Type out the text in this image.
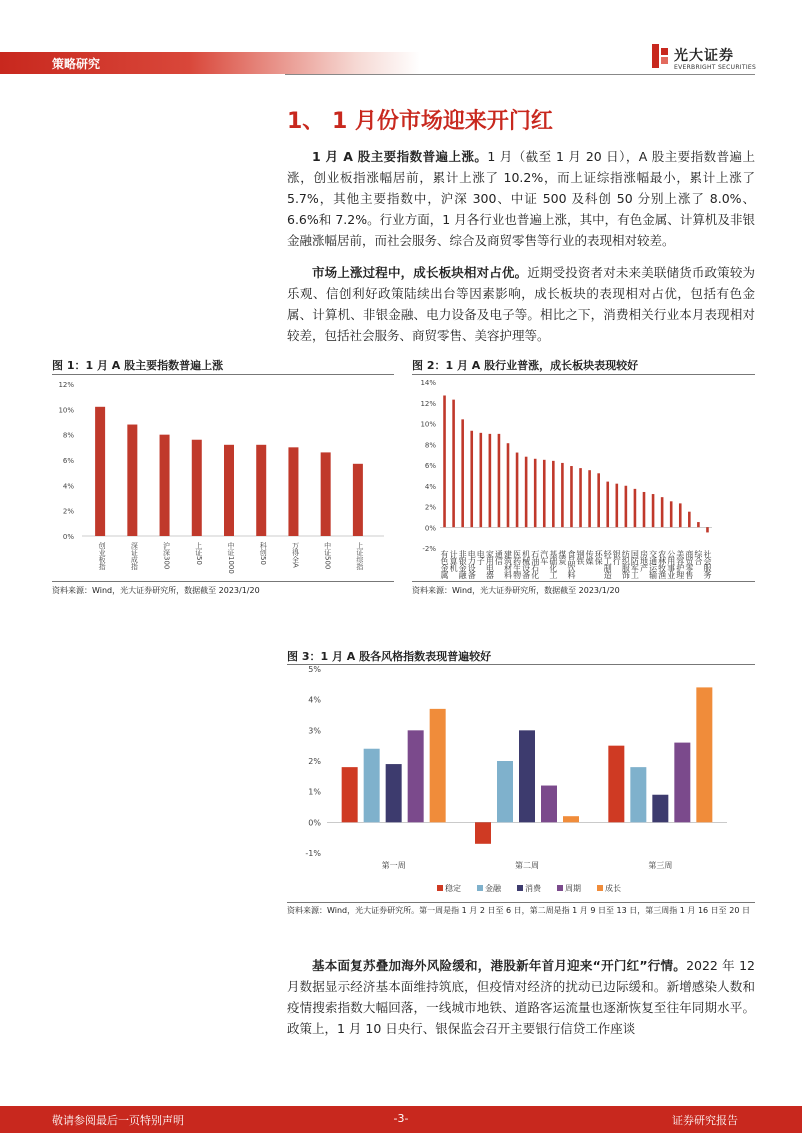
策略研究	光大证券
EVERBRIGHT SECURITIES
1、 1 月份市场迎来开门红
1 月 A 股主要指数普遍上涨。1 月（截至 1 月 20 日），A 股主要指数普遍上涨，创业板指涨幅居前，累计上涨了 10.2%，而上证综指涨幅最小，累计上涨了 5.7%，其他主要指数中，沪深 300、中证 500 及科创 50 分别上涨了 8.0%、6.6%和 7.2%。行业方面，1 月各行业也普遍上涨，其中，有色金属、计算机及非银金融涨幅居前，而社会服务、综合及商贸零售等行业的表现相对较差。
市场上涨过程中，成长板块相对占优。近期受投资者对未来美联储货币政策较为乐观、信创利好政策陆续出台等因素影响，成长板块的表现相对占优，包括有色金属、计算机、非银金融、电力设备及电子等。相比之下，消费相关行业本月表现相对较差，包括社会服务、商贸零售、美容护理等。
基本面复苏叠加海外风险缓和，港股新年首月迎来“开门红”行情。2022 年 12 月数据显示经济基本面维持筑底，但疫情对经济的扰动已边际缓和。新增感染人数和疫情搜索指数大幅回落，一线城市地铁、道路客运流量也逐渐恢复至往年同期水平。政策上，1 月 10 日央行、银保监会召开主要银行信贷工作座谈
图 1：1 月 A 股主要指数普遍上涨
0%
2%
4%
6%
8%
10%
12%
创业板指	深证成指	沪深300	上证50	中证1000	科创50	万得全A	中证500	上证综指
资料来源：Wind，光大证券研究所，数据截至 2023/1/20
图 2：1 月 A 股行业普涨，成长板块表现较好
-2%
0%
2%
4%
6%
8%
10%
12%
14%
有色金属 计算机 非银金融 电力设备 电子 家用电器 通信 建筑材料 医药生物 机械设备 石油石化 汽车 基础化工 煤炭 食品饮料 钢铁 传媒 环保 轻工制造 银行 纺织服饰 国防军工 房地产 交通运输 农林牧渔 公用事业 美容护理 商贸零售 综合 社会服务
资料来源：Wind，光大证券研究所，数据截至 2023/1/20
图 3：1 月 A 股各风格指数表现普遍较好
-1%
0%
1%
2%
3%
4%
5%
第一周	第二周	第三周
稳定	金融	消费	周期	成长
资料来源：Wind，光大证券研究所。第一周是指 1 月 2 日至 6 日，第二周是指 1 月 9 日至 13 日，第三周指 1 月 16 日至 20 日
敬请参阅最后一页特别声明	-3-	证券研究报告
